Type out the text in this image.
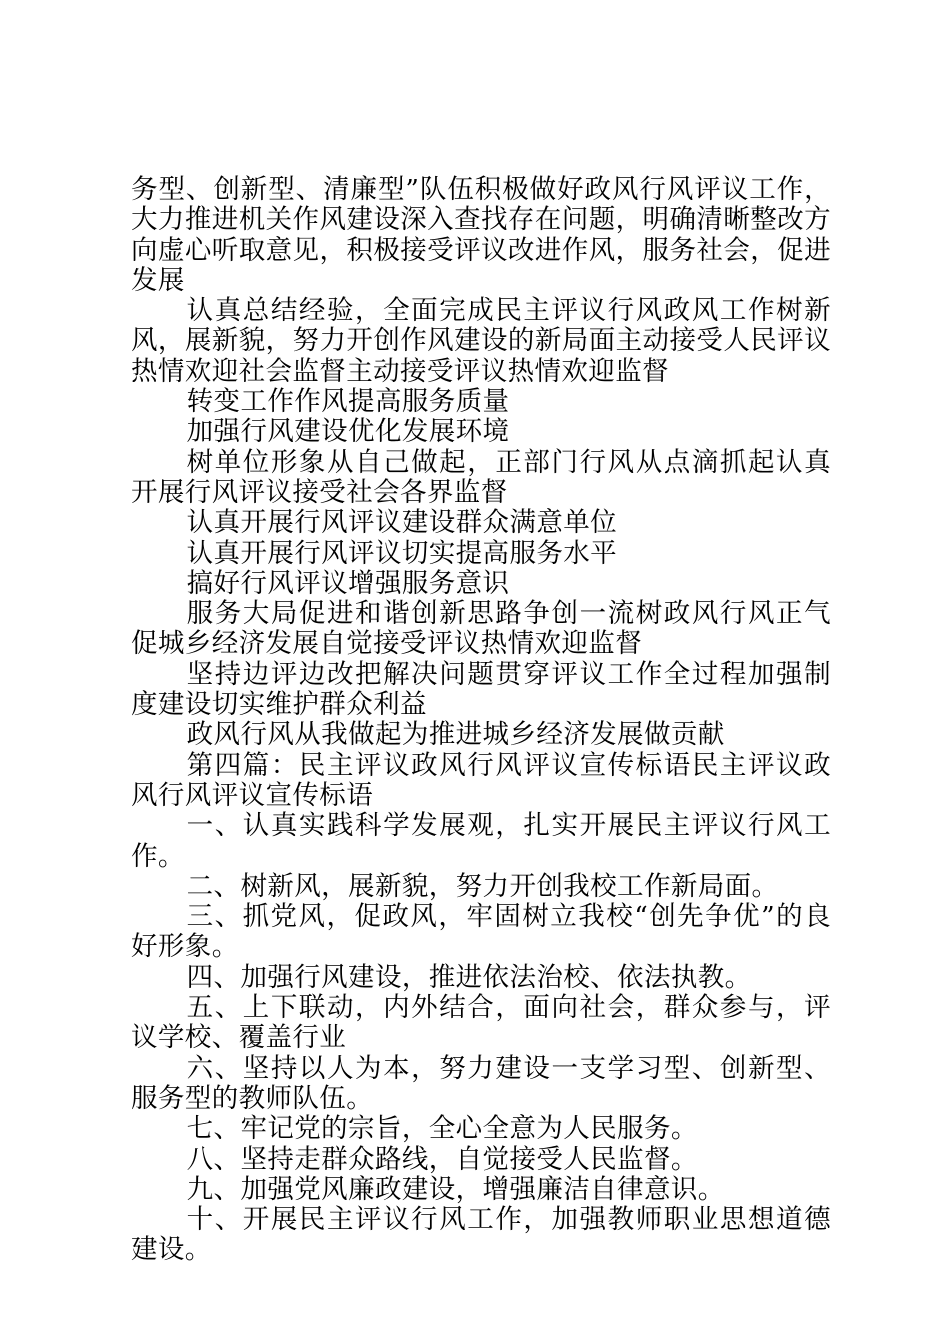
务型、创新型、清廉型”队伍积极做好政风行风评议工作，大力推进机关作风建设深入查找存在问题，明确清晰整改方向虚心听取意见，积极接受评议改进作风，服务社会，促进发展

认真总结经验，全面完成民主评议行风政风工作树新风，展新貌，努力开创作风建设的新局面主动接受人民评议热情欢迎社会监督主动接受评议热情欢迎监督

转变工作作风提高服务质量

加强行风建设优化发展环境

树单位形象从自己做起，正部门行风从点滴抓起认真开展行风评议接受社会各界监督

认真开展行风评议建设群众满意单位

认真开展行风评议切实提高服务水平

搞好行风评议增强服务意识

服务大局促进和谐创新思路争创一流树政风行风正气促城乡经济发展自觉接受评议热情欢迎监督

坚持边评边改把解决问题贯穿评议工作全过程加强制度建设切实维护群众利益

政风行风从我做起为推进城乡经济发展做贡献

第四篇：民主评议政风行风评议宣传标语民主评议政风行风评议宣传标语

一、认真实践科学发展观，扎实开展民主评议行风工作。

二、树新风，展新貌，努力开创我校工作新局面。

三、抓党风，促政风，牢固树立我校“创先争优”的良好形象。

四、加强行风建设，推进依法治校、依法执教。

五、上下联动，内外结合，面向社会，群众参与，评议学校、覆盖行业

六、坚持以人为本，努力建设一支学习型、创新型、服务型的教师队伍。

七、牢记党的宗旨，全心全意为人民服务。

八、坚持走群众路线，自觉接受人民监督。

九、加强党风廉政建设，增强廉洁自律意识。

十、开展民主评议行风工作，加强教师职业思想道德建设。
